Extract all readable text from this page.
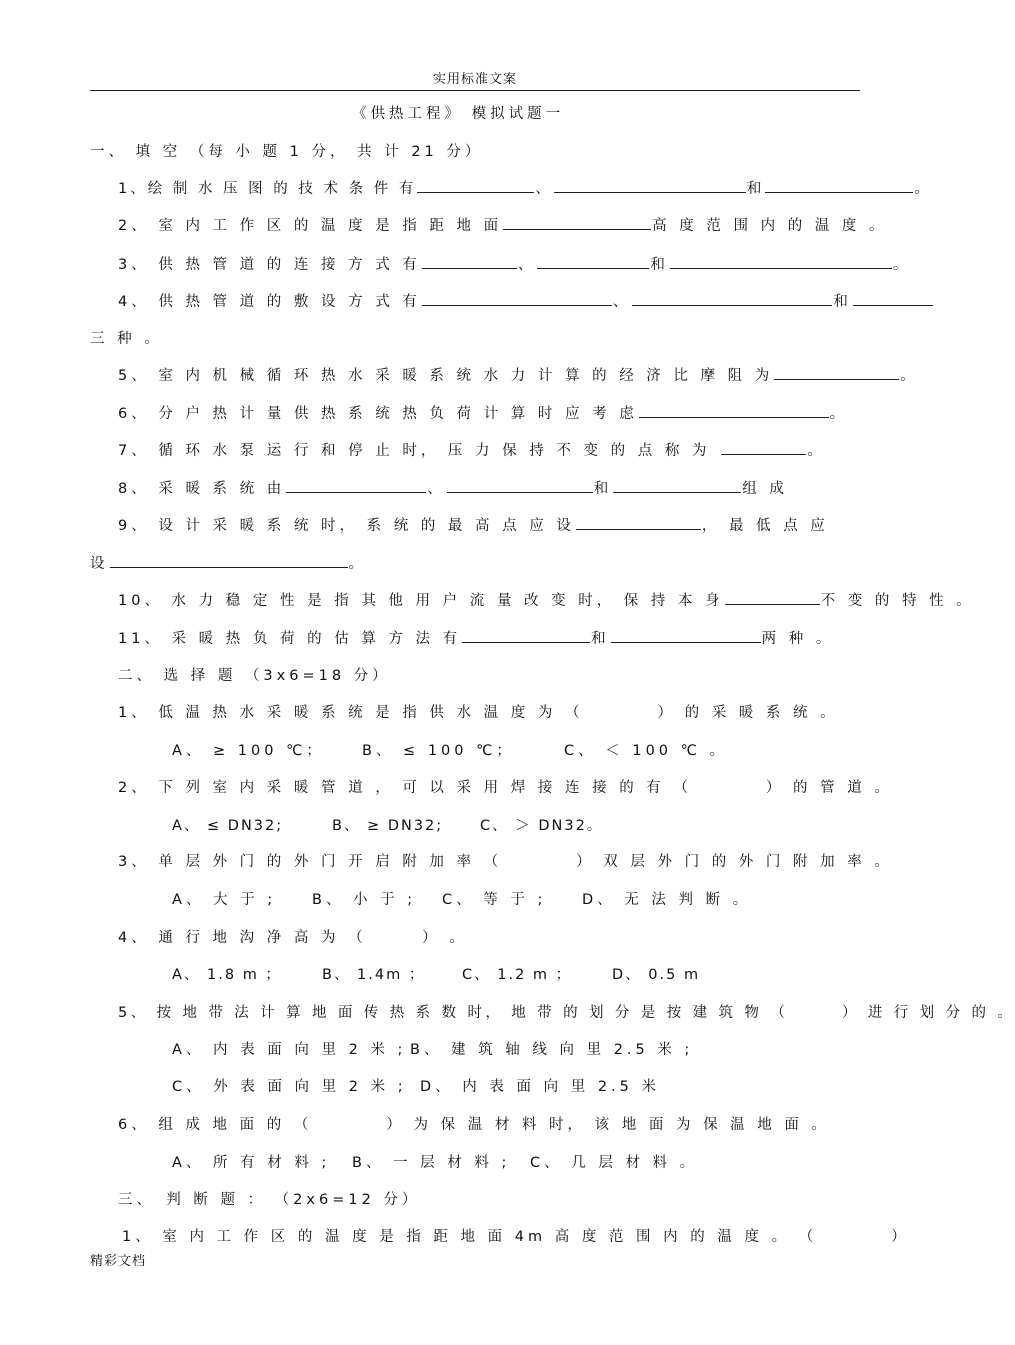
实用标准文案
《供热工程》 模拟试题一
一、 填 空 （每 小 题 1 分， 共 计 21 分）
1、绘 制 水 压 图 的 技 术 条 件 有	、	和	。
2、 室 内 工 作 区 的 温 度 是 指 距 地 面	高 度 范 围 内 的 温 度 。
3、 供 热 管 道 的 连 接 方 式 有	、	和	。
4、 供 热 管 道 的 敷 设 方 式 有	、	和
三 种 。
5、 室 内 机 械 循 环 热 水 采 暖 系 统 水 力 计 算 的 经 济 比 摩 阻 为	。
6、 分 户 热 计 量 供 热 系 统 热 负 荷 计 算 时 应 考 虑	。
7、 循 环 水 泵 运 行 和 停 止 时， 压 力 保 持 不 变 的 点 称 为	。
8、 采 暖 系 统 由	、	和	组 成
9、 设 计 采 暖 系 统 时， 系 统 的 最 高 点 应 设	， 最 低 点 应
设	。
10、 水 力 稳 定 性 是 指 其 他 用 户 流 量 改 变 时， 保 持 本 身	不 变 的 特 性 。
11、 采 暖 热 负 荷 的 估 算 方 法 有	和	两 种 。
二、 选 择 题 （3x6=18 分）
1、 低 温 热 水 采 暖 系 统 是 指 供 水 温 度 为 （　　　　） 的 采 暖 系 统 。
A、 ≥ 100 ℃；	B、 ≤ 100 ℃；	C、 ＜ 100 ℃ 。
2、 下 列 室 内 采 暖 管 道 ， 可 以 采 用 焊 接 连 接 的 有 （　　　　） 的 管 道 。
A、 ≤ DN32;	B、 ≥ DN32;	C、 ＞ DN32。
3、 单 层 外 门 的 外 门 开 启 附 加 率 （　　　　） 双 层 外 门 的 外 门 附 加 率 。
A、 大 于 ; B、 小 于 ; C、 等 于 ; D、 无 法 判 断 。
4、 通 行 地 沟 净 高 为 （　　　） 。
A、 1.8 m ；	B、 1.4m ；	C、 1.2 m ；	D、 0.5 m
5、 按 地 带 法 计 算 地 面 传 热 系 数 时， 地 带 的 划 分 是 按 建 筑 物 （　　　） 进 行 划 分 的 。
A、 内 表 面 向 里 2 米 ; B、 建 筑 轴 线 向 里 2.5 米 ;
C、 外 表 面 向 里 2 米 ; D、 内 表 面 向 里 2.5 米
6、 组 成 地 面 的 （　　　　） 为 保 温 材 料 时， 该 地 面 为 保 温 地 面 。
A、 所 有 材 料 ; B、 一 层 材 料 ; C、 几 层 材 料 。
三、　判 断 题 ： （2x6=12 分）
1、 室 内 工 作 区 的 温 度 是 指 距 地 面 4m 高 度 范 围 内 的 温 度 。 （　　　　）
精彩文档
